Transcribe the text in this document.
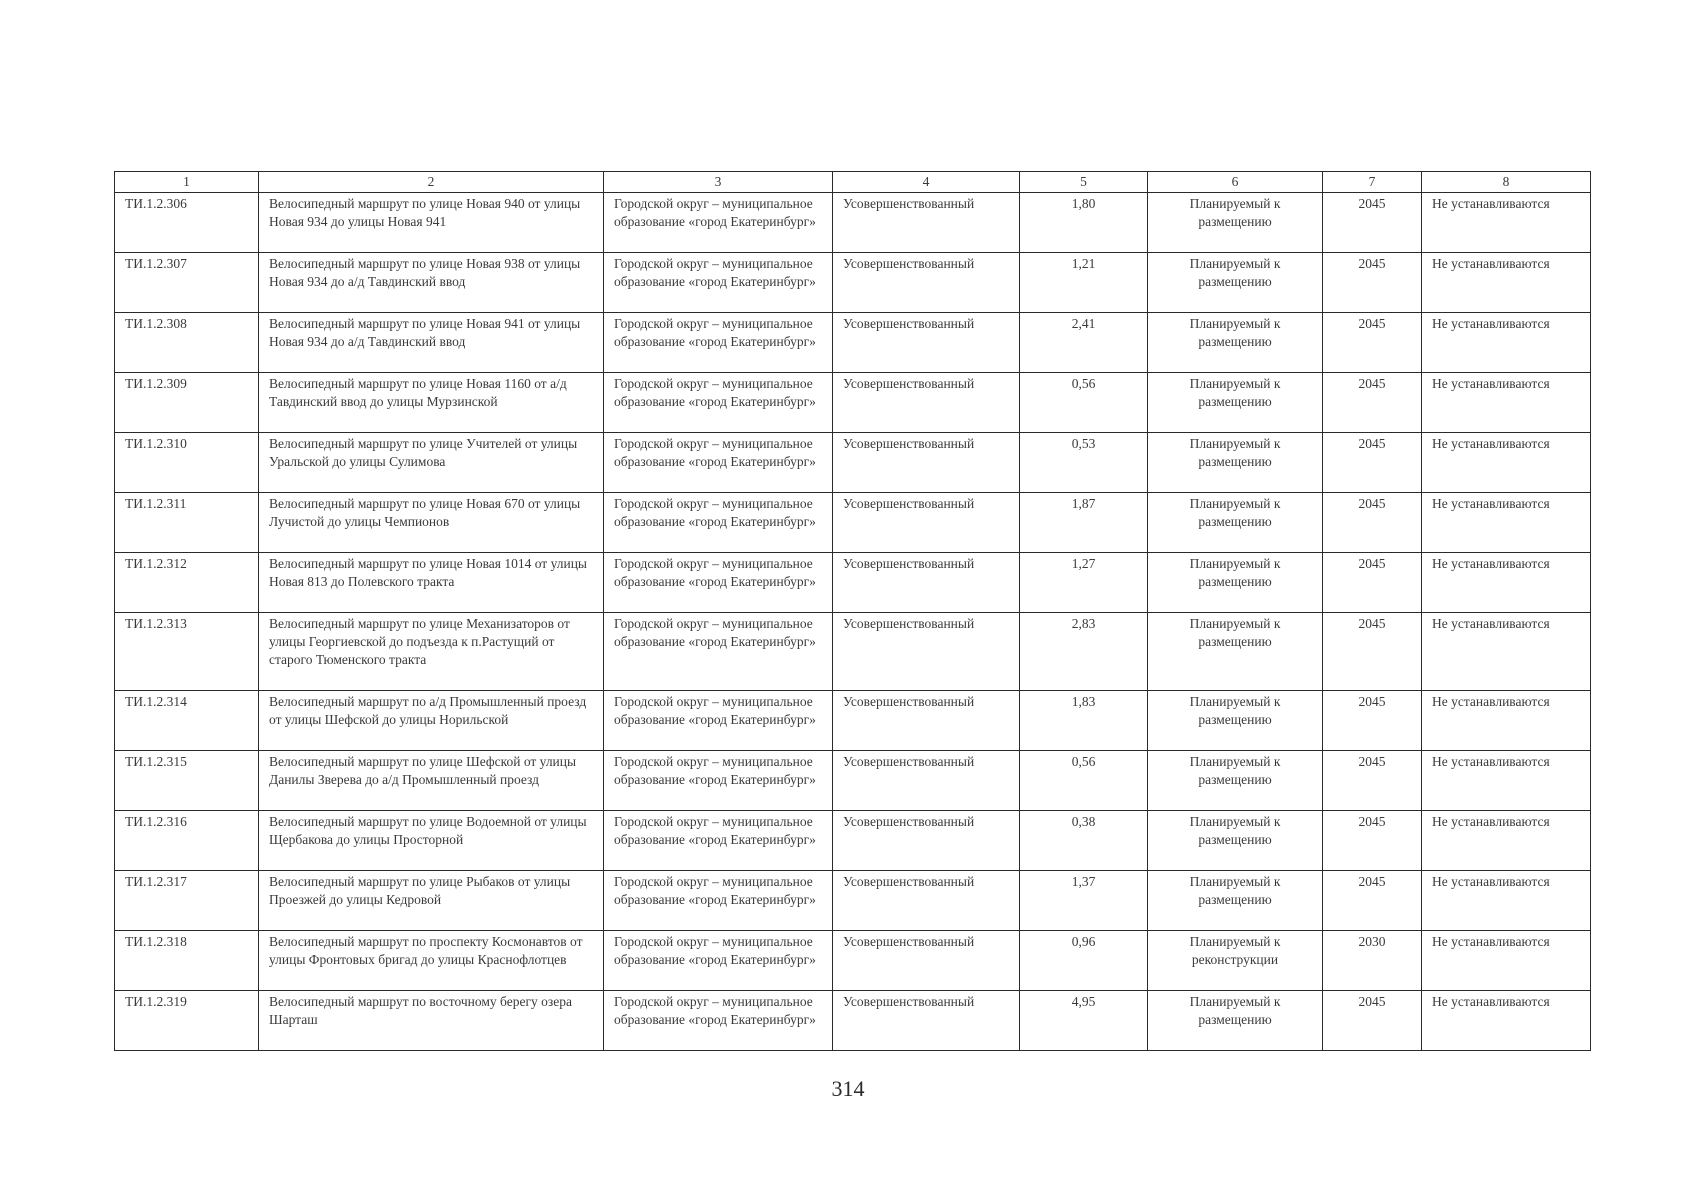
1	2	3	4	5	6	7	8
ТИ.1.2.306	Велосипедный маршрут по улице Новая 940 от улицы Новая 934 до улицы Новая 941	Городской округ – муниципальное образование «город Екатеринбург»	Усовершенствованный	1,80	Планируемый к размещению	2045	Не устанавливаются
ТИ.1.2.307	Велосипедный маршрут по улице Новая 938 от улицы Новая 934 до а/д Тавдинский ввод	Городской округ – муниципальное образование «город Екатеринбург»	Усовершенствованный	1,21	Планируемый к размещению	2045	Не устанавливаются
ТИ.1.2.308	Велосипедный маршрут по улице Новая 941 от улицы Новая 934 до а/д Тавдинский ввод	Городской округ – муниципальное образование «город Екатеринбург»	Усовершенствованный	2,41	Планируемый к размещению	2045	Не устанавливаются
ТИ.1.2.309	Велосипедный маршрут по улице Новая 1160 от а/д Тавдинский ввод до улицы Мурзинской	Городской округ – муниципальное образование «город Екатеринбург»	Усовершенствованный	0,56	Планируемый к размещению	2045	Не устанавливаются
ТИ.1.2.310	Велосипедный маршрут по улице Учителей от улицы Уральской до улицы Сулимова	Городской округ – муниципальное образование «город Екатеринбург»	Усовершенствованный	0,53	Планируемый к размещению	2045	Не устанавливаются
ТИ.1.2.311	Велосипедный маршрут по улице Новая 670 от улицы Лучистой до улицы Чемпионов	Городской округ – муниципальное образование «город Екатеринбург»	Усовершенствованный	1,87	Планируемый к размещению	2045	Не устанавливаются
ТИ.1.2.312	Велосипедный маршрут по улице Новая 1014 от улицы Новая 813 до Полевского тракта	Городской округ – муниципальное образование «город Екатеринбург»	Усовершенствованный	1,27	Планируемый к размещению	2045	Не устанавливаются
ТИ.1.2.313	Велосипедный маршрут по улице Механизаторов от улицы Георгиевской до подъезда к п.Растущий от старого Тюменского тракта	Городской округ – муниципальное образование «город Екатеринбург»	Усовершенствованный	2,83	Планируемый к размещению	2045	Не устанавливаются
ТИ.1.2.314	Велосипедный маршрут по а/д Промышленный проезд от улицы Шефской до улицы Норильской	Городской округ – муниципальное образование «город Екатеринбург»	Усовершенствованный	1,83	Планируемый к размещению	2045	Не устанавливаются
ТИ.1.2.315	Велосипедный маршрут по улице Шефской от улицы Данилы Зверева до а/д Промышленный проезд	Городской округ – муниципальное образование «город Екатеринбург»	Усовершенствованный	0,56	Планируемый к размещению	2045	Не устанавливаются
ТИ.1.2.316	Велосипедный маршрут по улице Водоемной от улицы Щербакова до улицы Просторной	Городской округ – муниципальное образование «город Екатеринбург»	Усовершенствованный	0,38	Планируемый к размещению	2045	Не устанавливаются
ТИ.1.2.317	Велосипедный маршрут по улице Рыбаков от улицы Проезжей до улицы Кедровой	Городской округ – муниципальное образование «город Екатеринбург»	Усовершенствованный	1,37	Планируемый к размещению	2045	Не устанавливаются
ТИ.1.2.318	Велосипедный маршрут по проспекту Космонавтов от улицы Фронтовых бригад до улицы Краснофлотцев	Городской округ – муниципальное образование «город Екатеринбург»	Усовершенствованный	0,96	Планируемый к реконструкции	2030	Не устанавливаются
ТИ.1.2.319	Велосипедный маршрут по восточному берегу озера Шарташ	Городской округ – муниципальное образование «город Екатеринбург»	Усовершенствованный	4,95	Планируемый к размещению	2045	Не устанавливаются
314
